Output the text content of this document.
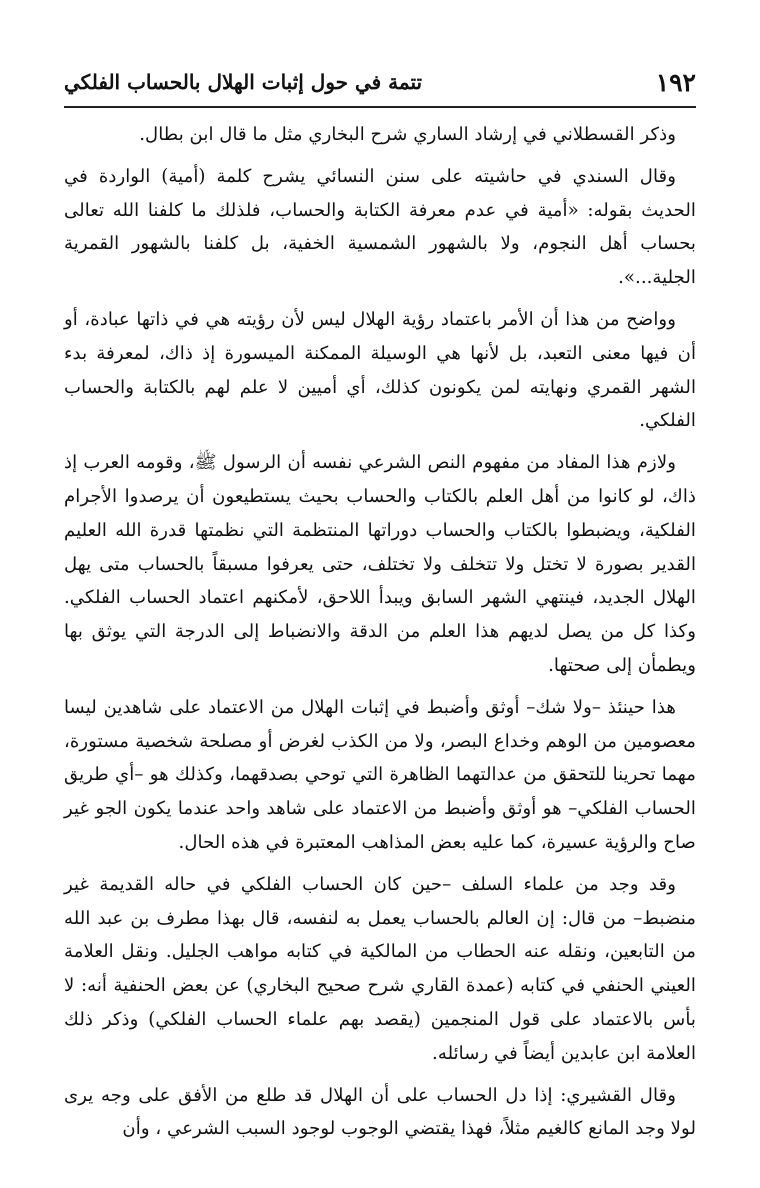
١٩٢
تتمة في حول إثبات الهلال بالحساب الفلكي

وذكر القسطلاني في إرشاد الساري شرح البخاري مثل ما قال ابن بطال.

وقال السندي في حاشيته على سنن النسائي يشرح كلمة (أمية) الواردة في الحديث بقوله: «أمية في عدم معرفة الكتابة والحساب، فلذلك ما كلفنا الله تعالى بحساب أهل النجوم، ولا بالشهور الشمسية الخفية، بل كلفنا بالشهور القمرية الجلية...».

وواضح من هذا أن الأمر باعتماد رؤية الهلال ليس لأن رؤيته هي في ذاتها عبادة، أو أن فيها معنى التعبد، بل لأنها هي الوسيلة الممكنة الميسورة إذ ذاك، لمعرفة بدء الشهر القمري ونهايته لمن يكونون كذلك، أي أميين لا علم لهم بالكتابة والحساب الفلكي.

ولازم هذا المفاد من مفهوم النص الشرعي نفسه أن الرسول ﷺ، وقومه العرب إذ ذاك، لو كانوا من أهل العلم بالكتاب والحساب بحيث يستطيعون أن يرصدوا الأجرام الفلكية، ويضبطوا بالكتاب والحساب دوراتها المنتظمة التي نظمتها قدرة الله العليم القدير بصورة لا تختل ولا تتخلف ولا تختلف، حتى يعرفوا مسبقاً بالحساب متى يهل الهلال الجديد، فينتهي الشهر السابق ويبدأ اللاحق، لأمكنهم اعتماد الحساب الفلكي. وكذا كل من يصل لديهم هذا العلم من الدقة والانضباط إلى الدرجة التي يوثق بها ويطمأن إلى صحتها.

هذا حينئذ –ولا شك– أوثق وأضبط في إثبات الهلال من الاعتماد على شاهدين ليسا معصومين من الوهم وخداع البصر، ولا من الكذب لغرض أو مصلحة شخصية مستورة، مهما تحرينا للتحقق من عدالتهما الظاهرة التي توحي بصدقهما، وكذلك هو –أي طريق الحساب الفلكي– هو أوثق وأضبط من الاعتماد على شاهد واحد عندما يكون الجو غير صاح والرؤية عسيرة، كما عليه بعض المذاهب المعتبرة في هذه الحال.

وقد وجد من علماء السلف –حين كان الحساب الفلكي في حاله القديمة غير منضبط– من قال: إن العالم بالحساب يعمل به لنفسه، قال بهذا مطرف بن عبد الله من التابعين، ونقله عنه الحطاب من المالكية في كتابه مواهب الجليل. ونقل العلامة العيني الحنفي في كتابه (عمدة القاري شرح صحيح البخاري) عن بعض الحنفية أنه: لا بأس بالاعتماد على قول المنجمين (يقصد بهم علماء الحساب الفلكي) وذكر ذلك العلامة ابن عابدين أيضاً في رسائله.

وقال القشيري: إذا دل الحساب على أن الهلال قد طلع من الأفق على وجه يرى لولا وجد المانع كالغيم مثلاً، فهذا يقتضي الوجوب لوجود السبب الشرعي ، وأن
